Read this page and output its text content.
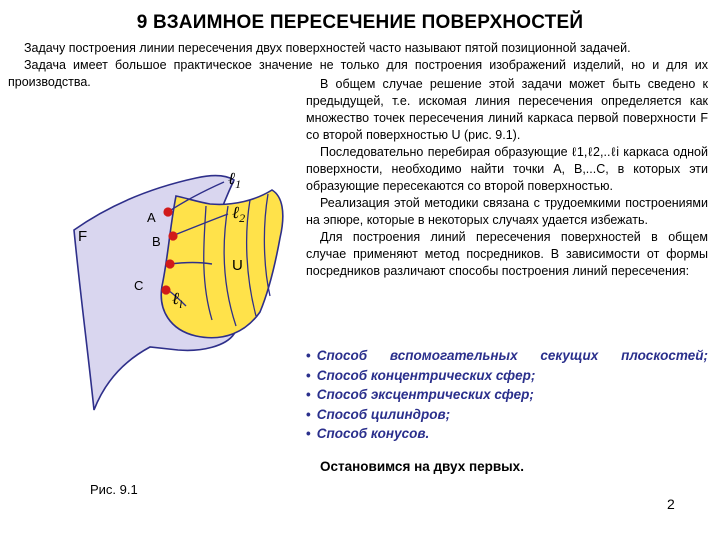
9 ВЗАИМНОЕ ПЕРЕСЕЧЕНИЕ ПОВЕРХНОСТЕЙ

Задачу построения линии пересечения двух поверхностей часто называют пятой позиционной задачей.

Задача имеет большое практическое значение не только для построения изображений изделий, но и для их производства.	В общем случае решение этой задачи может быть сведено к предыдущей, т.е. искомая линия пересечения определяется как множество точек пересечения линий каркаса первой поверхности F со второй поверхностью U (рис. 9.1).

Последовательно перебирая образующие ℓ1,ℓ2,..ℓi каркаса одной поверхности, необходимо найти точки А, В,...С, в которых эти образующие пересекаются со второй поверхностью.

Реализация этой методики связана с трудоемкими построениями на эпюре, которые в некоторых случаях удается избежать.

Для построения линий пересечения поверхностей в общем случае применяют метод посредников. В зависимости от формы посредников различают способы построения линий пересечения:

• Способ вспомогательных секущих плоскостей;
• Способ концентрических сфер;
• Способ эксцентрических сфер;
• Способ цилиндров;
• Способ конусов.
Остановимся на двух первых.
F
U
A
B
C
ℓ$_1$
ℓ$_2$
ℓ$_i$
Рис. 9.1
2
